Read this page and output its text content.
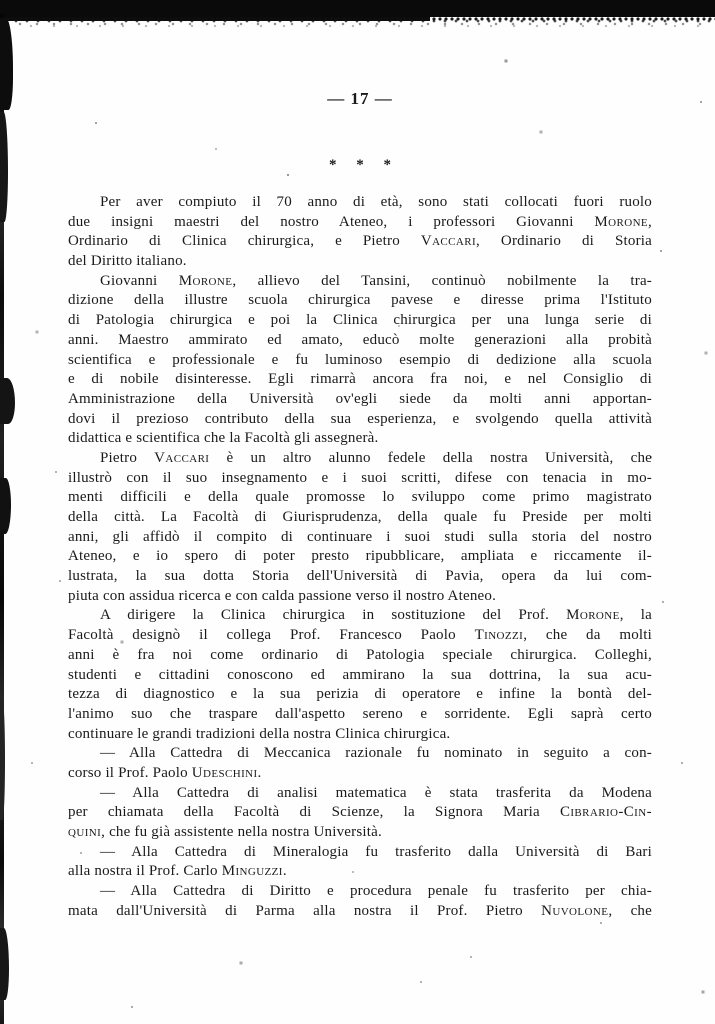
— 17 —
* * *
Per aver compiuto il 70 anno di età, sono stati collocati fuori ruolo
due insigni maestri del nostro Ateneo, i professori Giovanni Morone,
Ordinario di Clinica chirurgica, e Pietro Vaccari, Ordinario di Storia
del Diritto italiano.
Giovanni Morone, allievo del Tansini, continuò nobilmente la tra-
dizione della illustre scuola chirurgica pavese e diresse prima l'Istituto
di Patologia chirurgica e poi la Clinica chirurgica per una lunga serie di
anni. Maestro ammirato ed amato, educò molte generazioni alla probità
scientifica e professionale e fu luminoso esempio di dedizione alla scuola
e di nobile disinteresse. Egli rimarrà ancora fra noi, e nel Consiglio di
Amministrazione della Università ov'egli siede da molti anni apportan-
dovi il prezioso contributo della sua esperienza, e svolgendo quella attività
didattica e scientifica che la Facoltà gli assegnerà.
Pietro Vaccari è un altro alunno fedele della nostra Università, che
illustrò con il suo insegnamento e i suoi scritti, difese con tenacia in mo-
menti difficili e della quale promosse lo sviluppo come primo magistrato
della città. La Facoltà di Giurisprudenza, della quale fu Preside per molti
anni, gli affidò il compito di continuare i suoi studi sulla storia del nostro
Ateneo, e io spero di poter presto ripubblicare, ampliata e riccamente il-
lustrata, la sua dotta Storia dell'Università di Pavia, opera da lui com-
piuta con assidua ricerca e con calda passione verso il nostro Ateneo.
A dirigere la Clinica chirurgica in sostituzione del Prof. Morone, la
Facoltà designò il collega Prof. Francesco Paolo Tinozzi, che da molti
anni è fra noi come ordinario di Patologia speciale chirurgica. Colleghi,
studenti e cittadini conoscono ed ammirano la sua dottrina, la sua acu-
tezza di diagnostico e la sua perizia di operatore e infine la bontà del-
l'animo suo che traspare dall'aspetto sereno e sorridente. Egli saprà certo
continuare le grandi tradizioni della nostra Clinica chirurgica.
— Alla Cattedra di Meccanica razionale fu nominato in seguito a con-
corso il Prof. Paolo Udeschini.
— Alla Cattedra di analisi matematica è stata trasferita da Modena
per chiamata della Facoltà di Scienze, la Signora Maria Cibrario-Cin-
quini, che fu già assistente nella nostra Università.
— Alla Cattedra di Mineralogia fu trasferito dalla Università di Bari
alla nostra il Prof. Carlo Minguzzi.
— Alla Cattedra di Diritto e procedura penale fu trasferito per chia-
mata dall'Università di Parma alla nostra il Prof. Pietro Nuvolone, che
